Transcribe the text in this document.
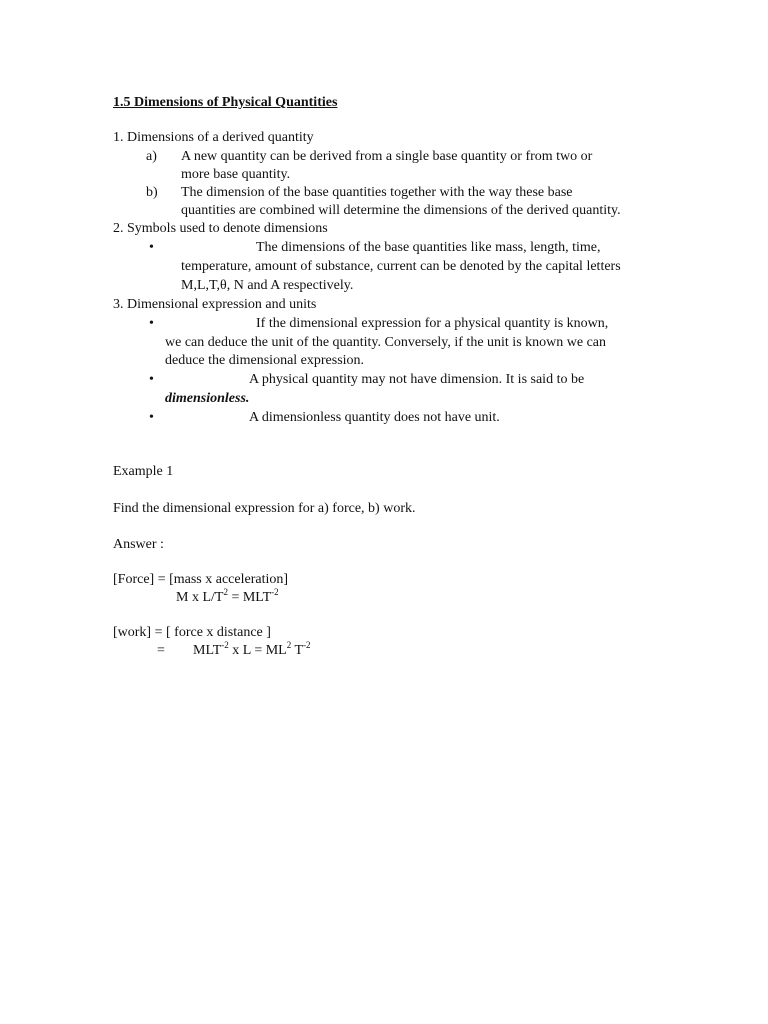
1.5 Dimensions of Physical Quantities
1. Dimensions of a derived quantity
a) A new quantity can be derived from a single base quantity or from two or
more base quantity.
b) The dimension of the base quantities together with the way these base
quantities are combined will determine the dimensions of the derived quantity.
2. Symbols used to denote dimensions
•	The dimensions of the base quantities like mass, length, time,
temperature, amount of substance, current can be denoted by the capital letters
M,L,T,θ, N and A respectively.
3. Dimensional expression and units
•	If the dimensional expression for a physical quantity is known,
we can deduce the unit of the quantity. Conversely, if the unit is known we can
deduce the dimensional expression.
•	A physical quantity may not have dimension. It is said to be
dimensionless.
•	A dimensionless quantity does not have unit.
Example 1
Find the dimensional expression for a) force, b) work.
Answer :
[Force] = [mass x acceleration]
M x $L/T^2 = MLT^{-2}$
[work] = [ force x distance ]
= $MLT^{-2}$ x $L = ML^2$ $T^{-2}$
